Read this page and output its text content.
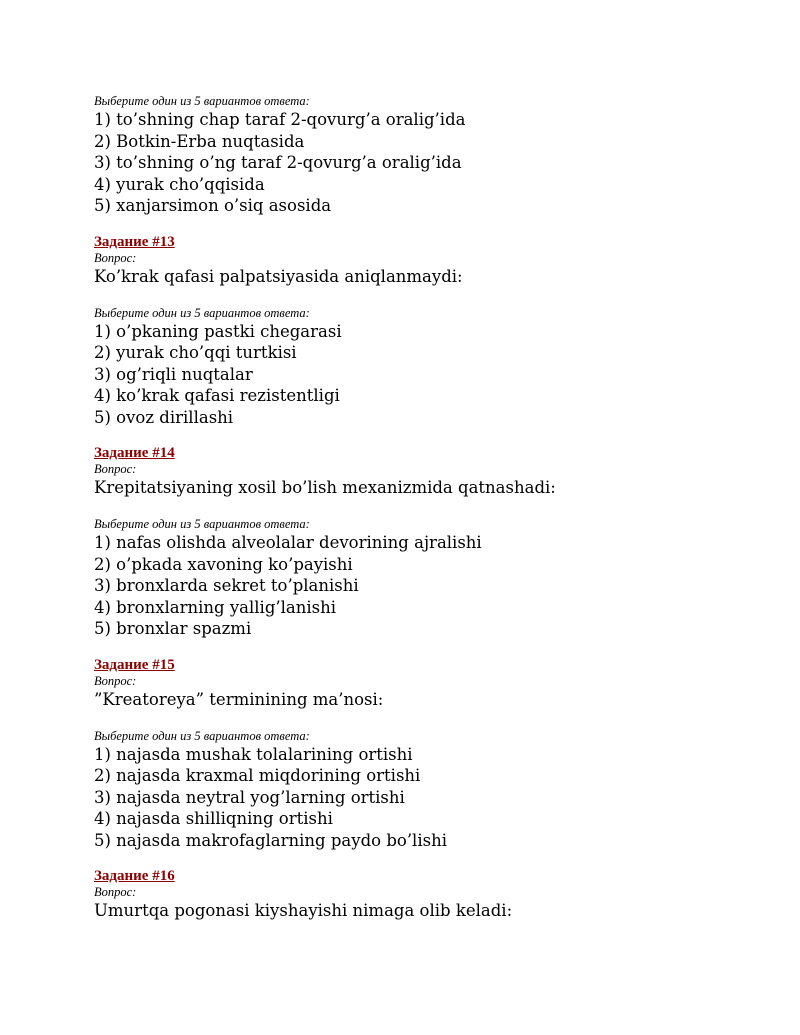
Выберите один из 5 вариантов ответа:

1) to’shning chap taraf 2-qovurg’a oralig’ida
2) Botkin-Erba nuqtasida
3) to’shning o’ng taraf 2-qovurg’a oralig’ida
4) yurak cho’qqisida
5) xanjarsimon o’siq asosida

Задание #13

Вопрос:

Ko’krak qafasi palpatsiyasida aniqlanmaydi:

Выберите один из 5 вариантов ответа:

1) o’pkaning pastki chegarasi
2) yurak cho’qqi turtkisi
3) og’riqli nuqtalar
4) ko’krak qafasi rezistentligi
5) ovoz dirillashi

Задание #14

Вопрос:

Krepitatsiyaning xosil bo’lish mexanizmida qatnashadi:

Выберите один из 5 вариантов ответа:

1) nafas olishda alveolalar devorining ajralishi
2) o’pkada xavoning ko’payishi
3) bronxlarda sekret to’planishi
4) bronxlarning yallig’lanishi
5) bronxlar spazmi

Задание #15

Вопрос:

”Kreatoreya” terminining ma’nosi:

Выберите один из 5 вариантов ответа:

1) najasda mushak tolalarining ortishi
2) najasda kraxmal miqdorining ortishi
3) najasda neytral yog’larning ortishi
4) najasda shilliqning ortishi
5) najasda makrofaglarning paydo bo’lishi

Задание #16

Вопрос:

Umurtqa pogonasi kiyshayishi nimaga olib keladi:
